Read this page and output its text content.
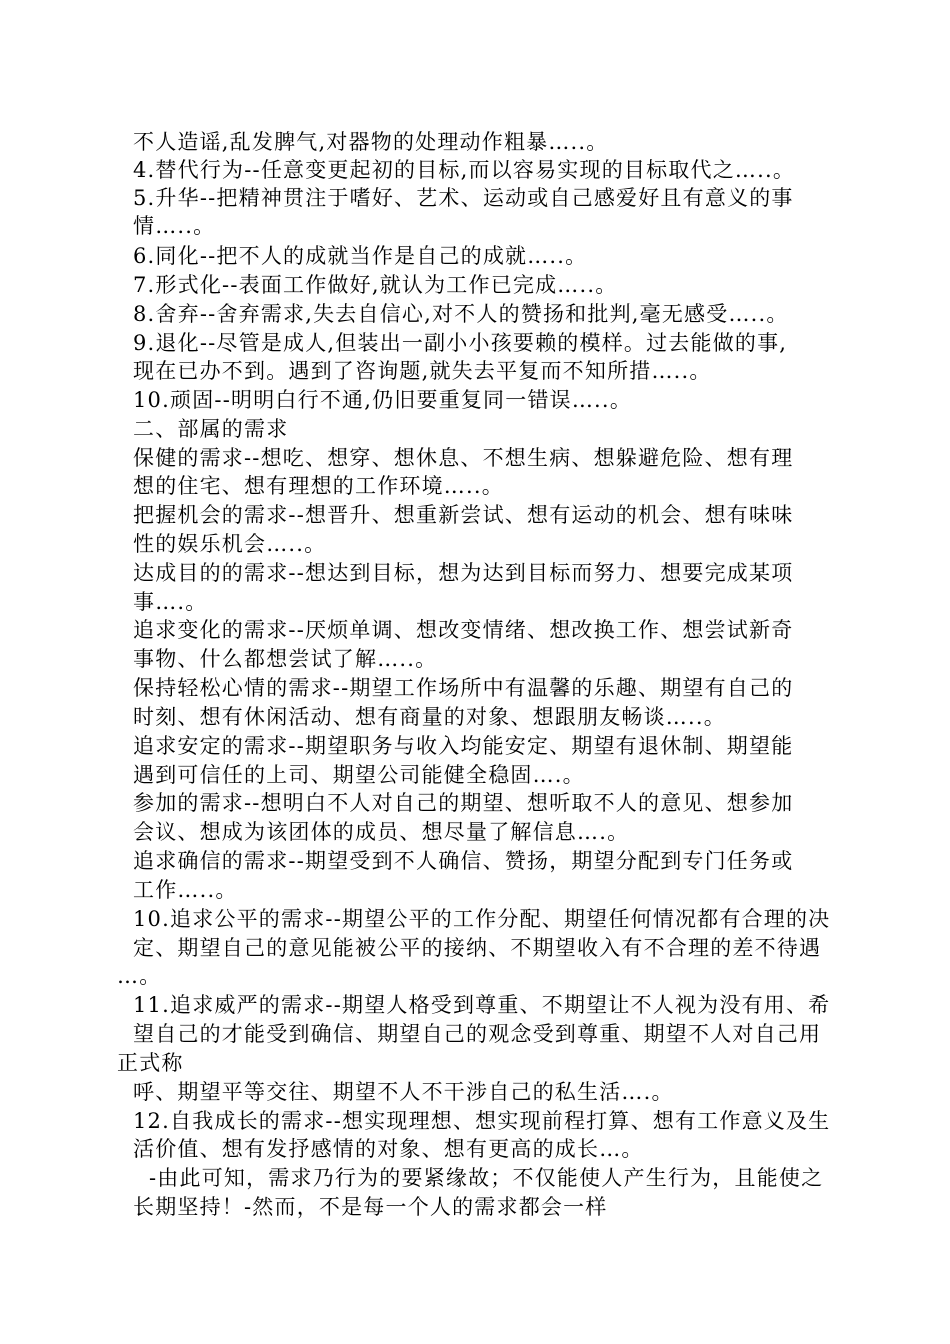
不人造谣,乱发脾气,对器物的处理动作粗暴…..。
4.替代行为--任意变更起初的目标,而以容易实现的目标取代之…..。
5.升华--把精神贯注于嗜好、艺术、运动或自己感爱好且有意义的事
情…..。
6.同化--把不人的成就当作是自己的成就…..。
7.形式化--表面工作做好,就认为工作已完成…..。
8.舍弃--舍弃需求,失去自信心,对不人的赞扬和批判,毫无感受…..。
9.退化--尽管是成人,但装出一副小小孩要赖的模样。过去能做的事,
现在已办不到。遇到了咨询题,就失去平复而不知所措…..。
10.顽固--明明白行不通,仍旧要重复同一错误…..。
二、部属的需求
保健的需求--想吃、想穿、想休息、不想生病、想躲避危险、想有理
想的住宅、想有理想的工作环境…..。
把握机会的需求--想晋升、想重新尝试、想有运动的机会、想有味味
性的娱乐机会…..。
达成目的的需求--想达到目标，想为达到目标而努力、想要完成某项
事….。
追求变化的需求--厌烦单调、想改变情绪、想改换工作、想尝试新奇
事物、什么都想尝试了解…..。
保持轻松心情的需求--期望工作场所中有温馨的乐趣、期望有自己的
时刻、想有休闲活动、想有商量的对象、想跟朋友畅谈…..。
追求安定的需求--期望职务与收入均能安定、期望有退休制、期望能
遇到可信任的上司、期望公司能健全稳固….。
参加的需求--想明白不人对自己的期望、想听取不人的意见、想参加
会议、想成为该团体的成员、想尽量了解信息….。
追求确信的需求--期望受到不人确信、赞扬，期望分配到专门任务或
工作…..。
10.追求公平的需求--期望公平的工作分配、期望任何情况都有合理的决
定、期望自己的意见能被公平的接纳、不期望收入有不合理的差不待遇
…。
11.追求威严的需求--期望人格受到尊重、不期望让不人视为没有用、希
望自己的才能受到确信、期望自己的观念受到尊重、期望不人对自己用
正式称
呼、期望平等交往、期望不人不干涉自己的私生活….。
12.自我成长的需求--想实现理想、想实现前程打算、想有工作意义及生
活价值、想有发抒感情的对象、想有更高的成长…。
-由此可知，需求乃行为的要紧缘故；不仅能使人产生行为，且能使之
长期坚持！-然而，不是每一个人的需求都会一样
